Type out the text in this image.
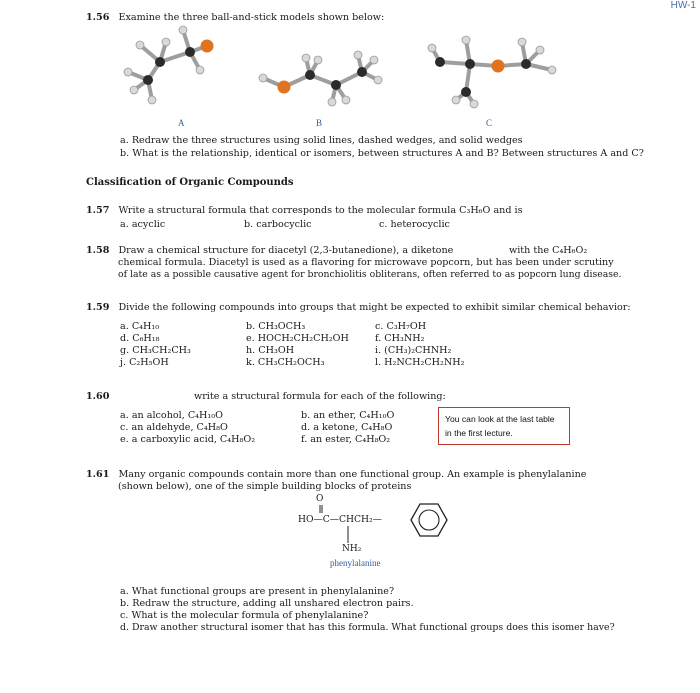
HW-1
1.56 Examine the three ball-and-stick models shown below:
A	B	C
a. Redraw the three structures using solid lines, dashed wedges, and solid wedges
b. What is the relationship, identical or isomers, between structures A and B? Between structures A and C?
Classification of Organic Compounds
1.57 Write a structural formula that corresponds to the molecular formula C₃H₆O and is
a. acyclic	b. carbocyclic	c. heterocyclic
1.58 Draw a chemical structure for diacetyl (2,3-butanedione), a diketone	with the C₄H₆O₂
chemical formula. Diacetyl is used as a flavoring for microwave popcorn, but has been under scrutiny
of late as a possible causative agent for bronchiolitis obliterans, often referred to as popcorn lung disease.
1.59 Divide the following compounds into groups that might be expected to exhibit similar chemical behavior:
a. C₄H₁₀	b. CH₃OCH₃	c. C₃H₇OH
d. C₆H₁₈	e. HOCH₂CH₂CH₂OH	f. CH₃NH₂
g. CH₃CH₂CH₃	h. CH₃OH	i. (CH₃)₂CHNH₂
j. C₂H₅OH	k. CH₃CH₂OCH₃	l. H₂NCH₂CH₂NH₂
1.60	write a structural formula for each of the following:
a. an alcohol, C₄H₁₀O	b. an ether, C₄H₁₀O
c. an aldehyde, C₄H₈O	d. a ketone, C₄H₈O
e. a carboxylic acid, C₄H₈O₂	f. an ester, C₄H₈O₂
You can look at the last table in the first lecture.
1.61 Many organic compounds contain more than one functional group. An example is phenylalanine
(shown below), one of the simple building blocks of proteins
O
HO—C—CHCH₂—
NH₂
phenylalanine
a. What functional groups are present in phenylalanine?
b. Redraw the structure, adding all unshared electron pairs.
c. What is the molecular formula of phenylalanine?
d. Draw another structural isomer that has this formula. What functional groups does this isomer have?
